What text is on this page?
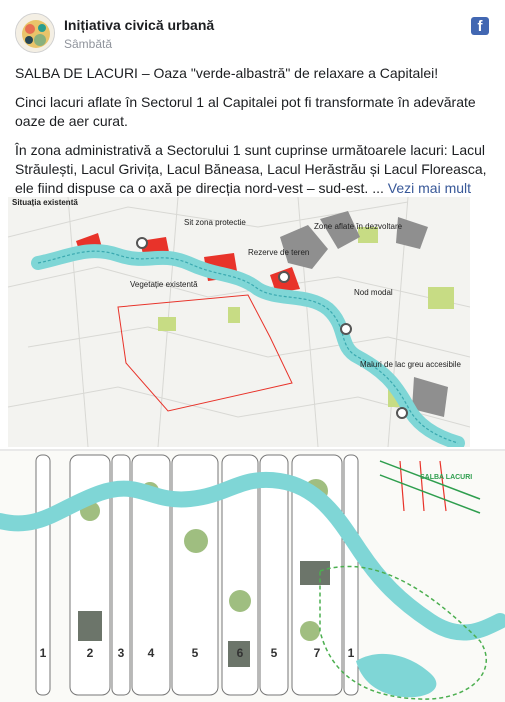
Inițiativa civică urbană
Sâmbătă
f

SALBA DE LACURI – Oaza "verde-albastră" de relaxare a Capitalei!

Cinci lacuri aflate în Sectorul 1 al Capitalei pot fi transformate în adevărate oaze de aer curat.

În zona administrativă a Sectorului 1 sunt cuprinse următoarele lacuri: Lacul Străulești, Lacul Grivița, Lacul Băneasa, Lacul Herăstrău și Lacul Floreasca, ele fiind dispuse ca o axă pe direcția nord-vest – sud-est. ... Vezi mai mult

Situația existentă
Sit zona protectie	Zone aflate în dezvoltare
Rezerve de teren
Vegetație existentă
Nod modal
Maluri de lac greu accesibile
1	2 3 4	5	6 5	7 1
SALBA LACURI
